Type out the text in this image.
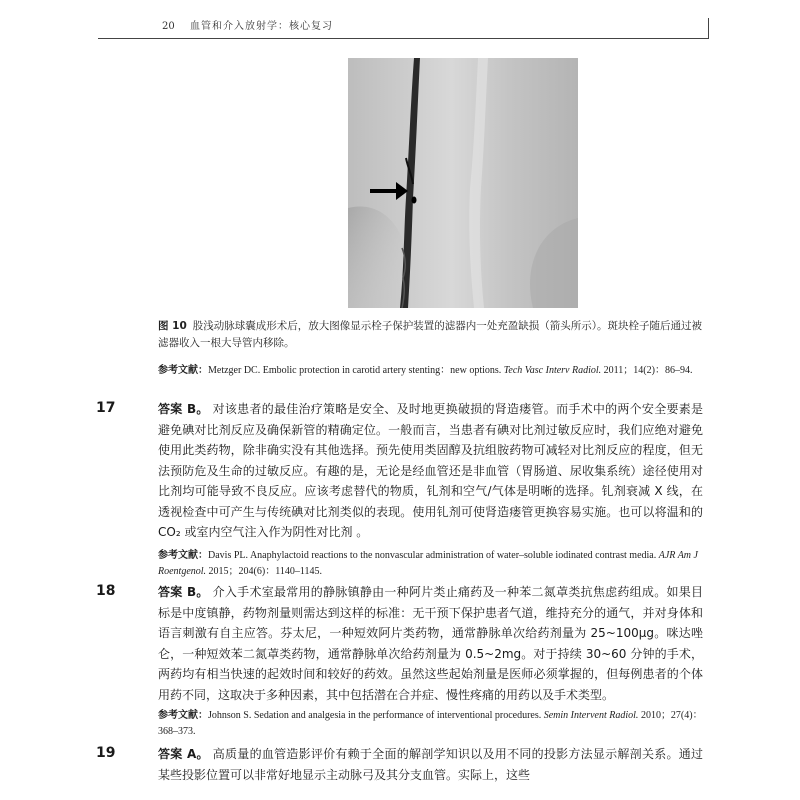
20 血管和介入放射学：核心复习
图 10 股浅动脉球囊成形术后，放大图像显示栓子保护装置的滤器内一处充盈缺损（箭头所示）。斑块栓子随后通过被滤器收入一根大导管内移除。
参考文献：Metzger DC. Embolic protection in carotid artery stenting：new options. Tech Vasc Interv Radiol. 2011；14(2)：86–94.
17	答案 B。 对该患者的最佳治疗策略是安全、及时地更换破损的肾造瘘管。而手术中的两个安全要素是避免碘对比剂反应及确保新管的精确定位。一般而言，当患者有碘对比剂过敏反应时，我们应绝对避免使用此类药物，除非确实没有其他选择。预先使用类固醇及抗组胺药物可减轻对比剂反应的程度，但无法预防危及生命的过敏反应。有趣的是，无论是经血管还是非血管（胃肠道、尿收集系统）途径使用对比剂均可能导致不良反应。应该考虑替代的物质，钆剂和空气/气体是明晰的选择。钆剂衰减 X 线，在透视检查中可产生与传统碘对比剂类似的表现。使用钆剂可使肾造瘘管更换容易实施。也可以将温和的 CO₂ 或室内空气注入作为阴性对比剂 。
参考文献：Davis PL. Anaphylactoid reactions to the nonvascular administration of water–soluble iodinated contrast media. AJR Am J Roentgenol. 2015；204(6)：1140–1145.
18	答案 B。 介入手术室最常用的静脉镇静由一种阿片类止痛药及一种苯二氮䓬类抗焦虑药组成。如果目标是中度镇静，药物剂量则需达到这样的标准：无干预下保护患者气道，维持充分的通气，并对身体和语言刺激有自主应答。芬太尼，一种短效阿片类药物，通常静脉单次给药剂量为 25~100μg。咪达唑仑，一种短效苯二氮䓬类药物，通常静脉单次给药剂量为 0.5~2mg。对于持续 30~60 分钟的手术，两药均有相当快速的起效时间和较好的药效。虽然这些起始剂量是医师必须掌握的，但每例患者的个体用药不同，这取决于多种因素，其中包括潜在合并症、慢性疼痛的用药以及手术类型。
参考文献：Johnson S. Sedation and analgesia in the performance of interventional procedures. Semin Intervent Radiol. 2010；27(4)：368–373.
19	答案 A。 高质量的血管造影评价有赖于全面的解剖学知识以及用不同的投影方法显示解剖关系。通过某些投影位置可以非常好地显示主动脉弓及其分支血管。实际上，这些
